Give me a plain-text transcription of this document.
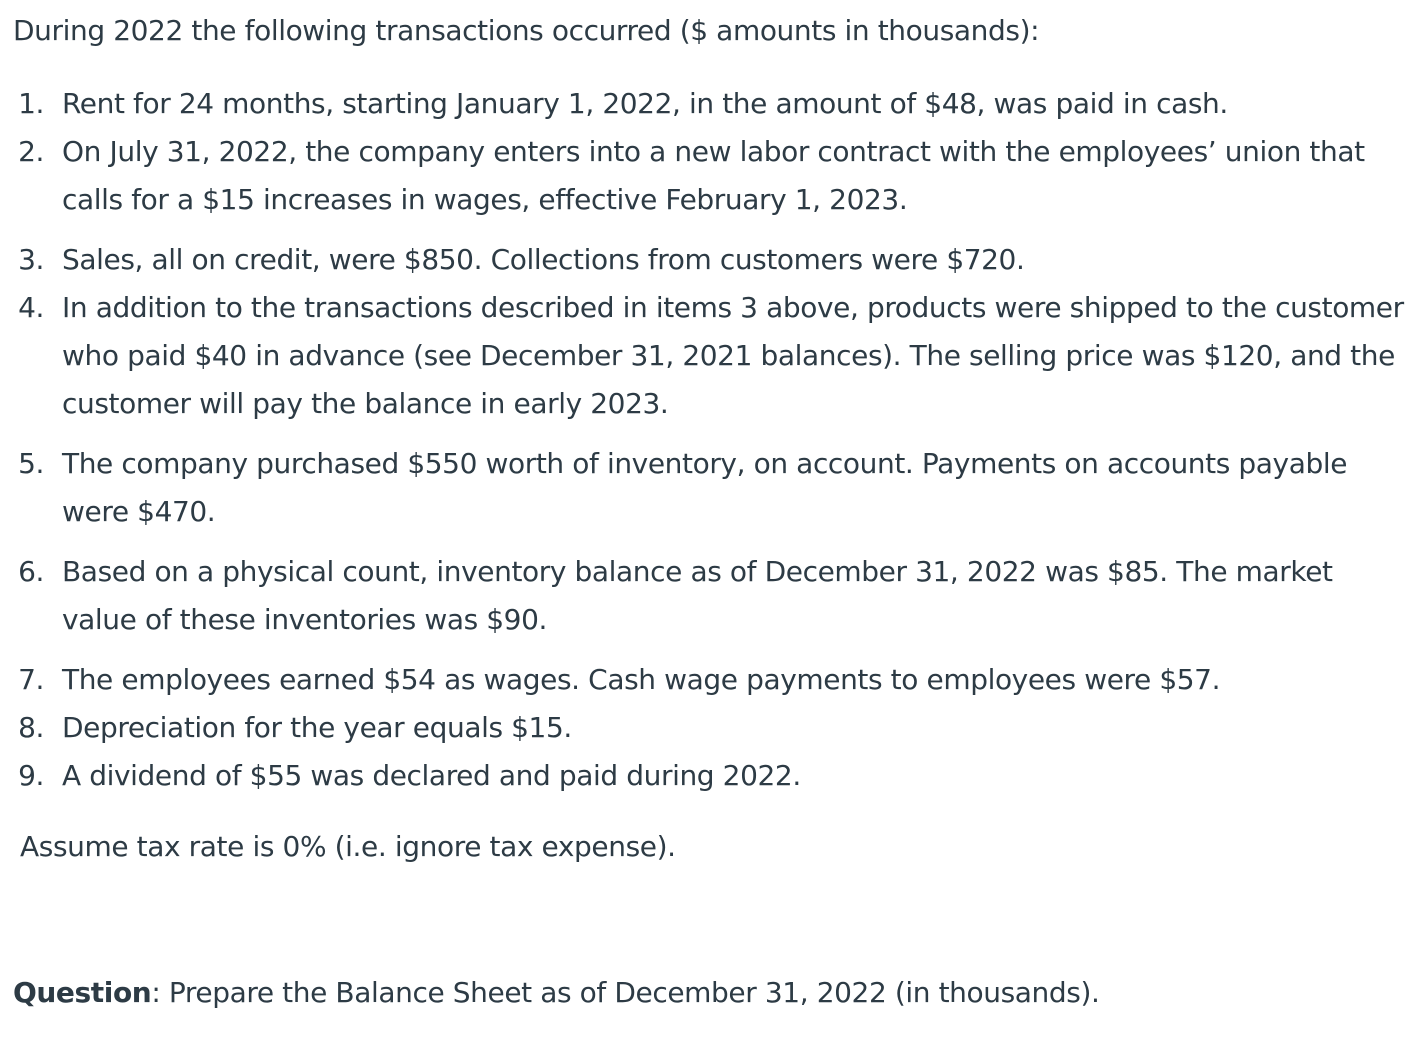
During 2022 the following transactions occurred ($ amounts in thousands):

1. Rent for 24 months, starting January 1, 2022, in the amount of $48, was paid in cash.
2. On July 31, 2022, the company enters into a new labor contract with the employees’ union that calls for a $15 increases in wages, effective February 1, 2023.
3. Sales, all on credit, were $850. Collections from customers were $720.
4. In addition to the transactions described in items 3 above, products were shipped to the customer who paid $40 in advance (see December 31, 2021 balances). The selling price was $120, and the customer will pay the balance in early 2023.
5. The company purchased $550 worth of inventory, on account. Payments on accounts payable were $470.
6. Based on a physical count, inventory balance as of December 31, 2022 was $85. The market value of these inventories was $90.
7. The employees earned $54 as wages. Cash wage payments to employees were $57.
8. Depreciation for the year equals $15.
9. A dividend of $55 was declared and paid during 2022.

Assume tax rate is 0% (i.e. ignore tax expense).

Question: Prepare the Balance Sheet as of December 31, 2022 (in thousands).
